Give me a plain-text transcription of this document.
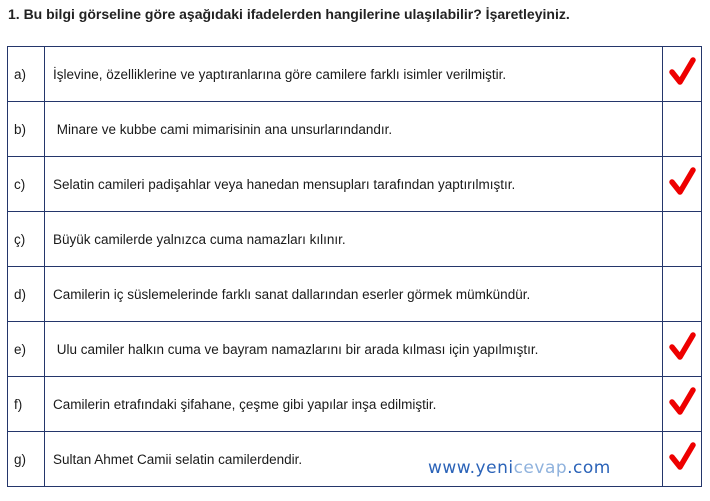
1. Bu bilgi görseline göre aşağıdaki ifadelerden hangilerine ulaşılabilir? İşaretleyiniz.
a)	İşlevine, özelliklerine ve yaptıranlarına göre camilere farklı isimler verilmiştir.	
b)	Minare ve kubbe cami mimarisinin ana unsurlarındandır.	
c)	Selatin camileri padişahlar veya hanedan mensupları tarafından yaptırılmıştır.	
ç)	Büyük camilerde yalnızca cuma namazları kılınır.	
d)	Camilerin iç süslemelerinde farklı sanat dallarından eserler görmek mümkündür.	
e)	Ulu camiler halkın cuma ve bayram namazlarını bir arada kılması için yapılmıştır.	
f)	Camilerin etrafındaki şifahane, çeşme gibi yapılar inşa edilmiştir.	
g)	Sultan Ahmet Camii selatin camilerdendir.		www.yenicevap.com
